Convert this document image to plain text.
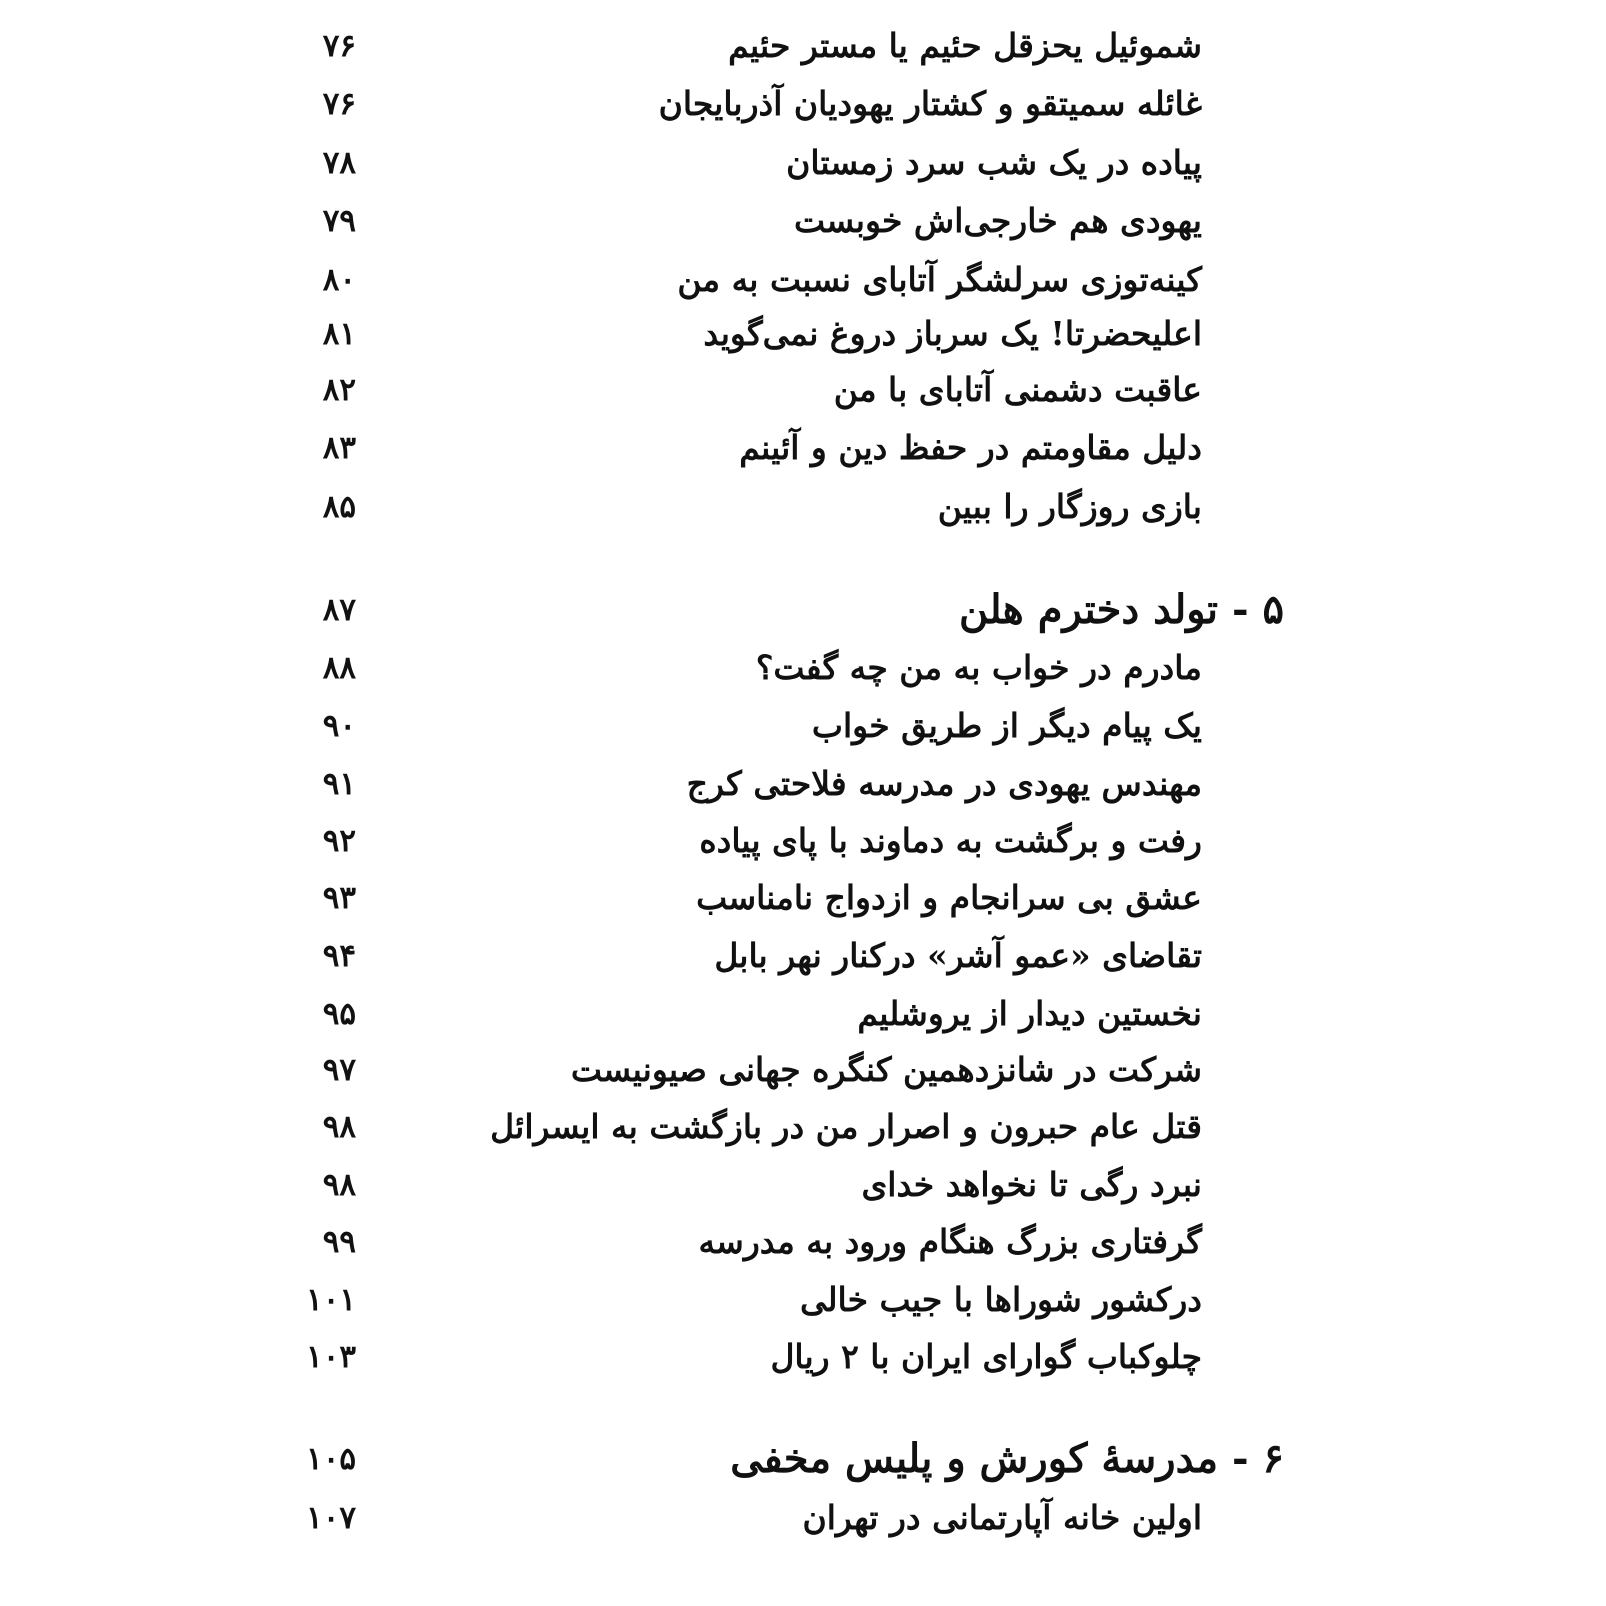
شموئیل یحزقل حئیم یا مستر حئیم
۷۶
غائله سمیتقو و کشتار یهودیان آذربایجان
۷۶
پیاده در یک شب سرد زمستان
۷۸
یهودی هم خارجی‌اش خوبست
۷۹
کینه‌توزی سرلشگر آتابای نسبت به من
۸۰
اعلیحضرتا! یک سرباز دروغ نمی‌گوید
۸۱
عاقبت دشمنی آتابای با من
۸۲
دلیل مقاومتم در حفظ دین و آئینم
۸۳
بازی روزگار را ببین
۸۵
۵ - تولد دخترم هلن
۸۷
مادرم در خواب به من چه گفت؟
۸۸
یک پیام دیگر از طریق خواب
۹۰
مهندس یهودی در مدرسه فلاحتی کرج
۹۱
رفت و برگشت به دماوند با پای پیاده
۹۲
عشق بی سرانجام و ازدواج نامناسب
۹۳
تقاضای «عمو آشر» درکنار نهر بابل
۹۴
نخستین دیدار از یروشلیم
۹۵
شرکت در شانزدهمین کنگره جهانی صیونیست
۹۷
قتل عام حبرون و اصرار من در بازگشت به ایسرائل
۹۸
نبرد رگی تا نخواهد خدای
۹۸
گرفتاری بزرگ هنگام ورود به مدرسه
۹۹
درکشور شوراها با جیب خالی
۱۰۱
چلوکباب گوارای ایران با ۲ ریال
۱۰۳
۶ - مدرسهٔ کورش و پلیس مخفی
۱۰۵
اولین خانه آپارتمانی در تهران
۱۰۷
